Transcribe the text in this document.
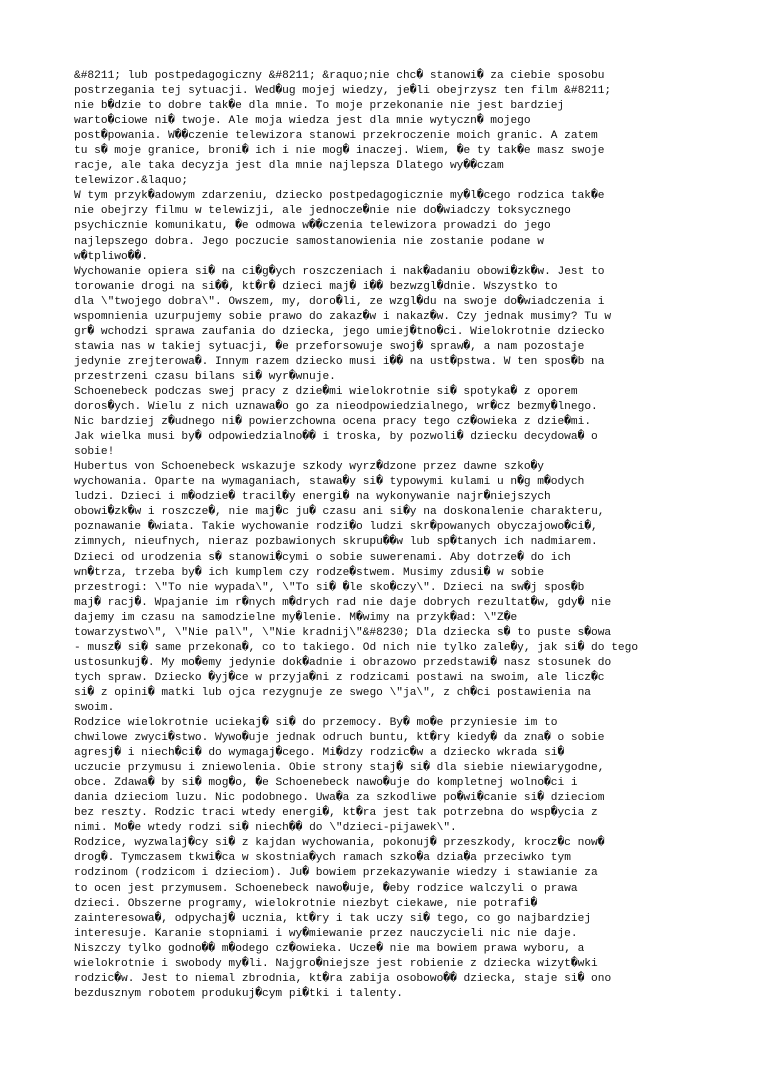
&#8211; lub postpedagogiczny &#8211; &raquo;nie chc� stanowi� za ciebie sposobu
postrzegania tej sytuacji. Wed�ug mojej wiedzy, je�li obejrzysz ten film &#8211;
nie b�dzie to dobre tak�e dla mnie. To moje przekonanie nie jest bardziej
warto�ciowe ni� twoje. Ale moja wiedza jest dla mnie wytyczn� mojego
post�powania. W��czenie telewizora stanowi przekroczenie moich granic. A zatem
tu s� moje granice, broni� ich i nie mog� inaczej. Wiem, �e ty tak�e masz swoje
racje, ale taka decyzja jest dla mnie najlepsza Dlatego wy��czam
telewizor.&laquo;
W tym przyk�adowym zdarzeniu, dziecko postpedagogicznie my�l�cego rodzica tak�e
nie obejrzy filmu w telewizji, ale jednocze�nie nie do�wiadczy toksycznego
psychicznie komunikatu, �e odmowa w��czenia telewizora prowadzi do jego
najlepszego dobra. Jego poczucie samostanowienia nie zostanie podane w
w�tpliwo��.
Wychowanie opiera si� na ci�g�ych roszczeniach i nak�adaniu obowi�zk�w. Jest to
torowanie drogi na si��, kt�r� dzieci maj� i�� bezwzgl�dnie. Wszystko to
dla \"twojego dobra\". Owszem, my, doro�li, ze wzgl�du na swoje do�wiadczenia i
wspomnienia uzurpujemy sobie prawo do zakaz�w i nakaz�w. Czy jednak musimy? Tu w
gr� wchodzi sprawa zaufania do dziecka, jego umiej�tno�ci. Wielokrotnie dziecko
stawia nas w takiej sytuacji, �e przeforsowuje swoj� spraw�, a nam pozostaje
jedynie zrejterowa�. Innym razem dziecko musi i�� na ust�pstwa. W ten spos�b na
przestrzeni czasu bilans si� wyr�wnuje.
Schoenebeck podczas swej pracy z dzie�mi wielokrotnie si� spotyka� z oporem
doros�ych. Wielu z nich uznawa�o go za nieodpowiedzialnego, wr�cz bezmy�lnego.
Nic bardziej z�udnego ni� powierzchowna ocena pracy tego cz�owieka z dzie�mi.
Jak wielka musi by� odpowiedzialno�� i troska, by pozwoli� dziecku decydowa� o
sobie!
Hubertus von Schoenebeck wskazuje szkody wyrz�dzone przez dawne szko�y
wychowania. Oparte na wymaganiach, stawa�y si� typowymi kulami u n�g m�odych
ludzi. Dzieci i m�odzie� tracil�y energi� na wykonywanie najr�niejszych
obowi�zk�w i roszcze�, nie maj�c ju� czasu ani si�y na doskonalenie charakteru,
poznawanie �wiata. Takie wychowanie rodzi�o ludzi skr�powanych obyczajowo�ci�,
zimnych, nieufnych, nieraz pozbawionych skrupu��w lub sp�tanych ich nadmiarem.
Dzieci od urodzenia s� stanowi�cymi o sobie suwerenami. Aby dotrze� do ich
wn�trza, trzeba by� ich kumplem czy rodze�stwem. Musimy zdusi� w sobie
przestrogi: \"To nie wypada\", \"To si� �le sko�czy\". Dzieci na sw�j spos�b
maj� racj�. Wpajanie im r�nych m�drych rad nie daje dobrych rezultat�w, gdy� nie
dajemy im czasu na samodzielne my�lenie. M�wimy na przyk�ad: \"Z�e
towarzystwo\", \"Nie pal\", \"Nie kradnij\"&#8230; Dla dziecka s� to puste s�owa
- musz� si� same przekona�, co to takiego. Od nich nie tylko zale�y, jak si� do tego
ustosunkuj�. My mo�emy jedynie dok�adnie i obrazowo przedstawi� nasz stosunek do
tych spraw. Dziecko �yj�ce w przyja�ni z rodzicami postawi na swoim, ale licz�c
si� z opini� matki lub ojca rezygnuje ze swego \"ja\", z ch�ci postawienia na
swoim.
Rodzice wielokrotnie uciekaj� si� do przemocy. By� mo�e przyniesie im to
chwilowe zwyci�stwo. Wywo�uje jednak odruch buntu, kt�ry kiedy� da zna� o sobie
agresj� i niech�ci� do wymagaj�cego. Mi�dzy rodzic�w a dziecko wkrada si�
uczucie przymusu i zniewolenia. Obie strony staj� si� dla siebie niewiarygodne,
obce. Zdawa� by si� mog�o, �e Schoenebeck nawo�uje do kompletnej wolno�ci i
dania dzieciom luzu. Nic podobnego. Uwa�a za szkodliwe po�wi�canie si� dzieciom
bez reszty. Rodzic traci wtedy energi�, kt�ra jest tak potrzebna do wsp�ycia z
nimi. Mo�e wtedy rodzi si� niech�� do \"dzieci-pijawek\".
Rodzice, wyzwalaj�cy si� z kajdan wychowania, pokonuj� przeszkody, krocz�c now�
drog�. Tymczasem tkwi�ca w skostnia�ych ramach szko�a dzia�a przeciwko tym
rodzinom (rodzicom i dzieciom). Ju� bowiem przekazywanie wiedzy i stawianie za
to ocen jest przymusem. Schoenebeck nawo�uje, �eby rodzice walczyli o prawa
dzieci. Obszerne programy, wielokrotnie niezbyt ciekawe, nie potrafi�
zainteresowa�, odpychaj� ucznia, kt�ry i tak uczy si� tego, co go najbardziej
interesuje. Karanie stopniami i wy�miewanie przez nauczycieli nic nie daje.
Niszczy tylko godno�� m�odego cz�owieka. Ucze� nie ma bowiem prawa wyboru, a
wielokrotnie i swobody my�li. Najgro�niejsze jest robienie z dziecka wizyt�wki
rodzic�w. Jest to niemal zbrodnia, kt�ra zabija osobowo�� dziecka, staje si� ono
bezdusznym robotem produkuj�cym pi�tki i talenty.
